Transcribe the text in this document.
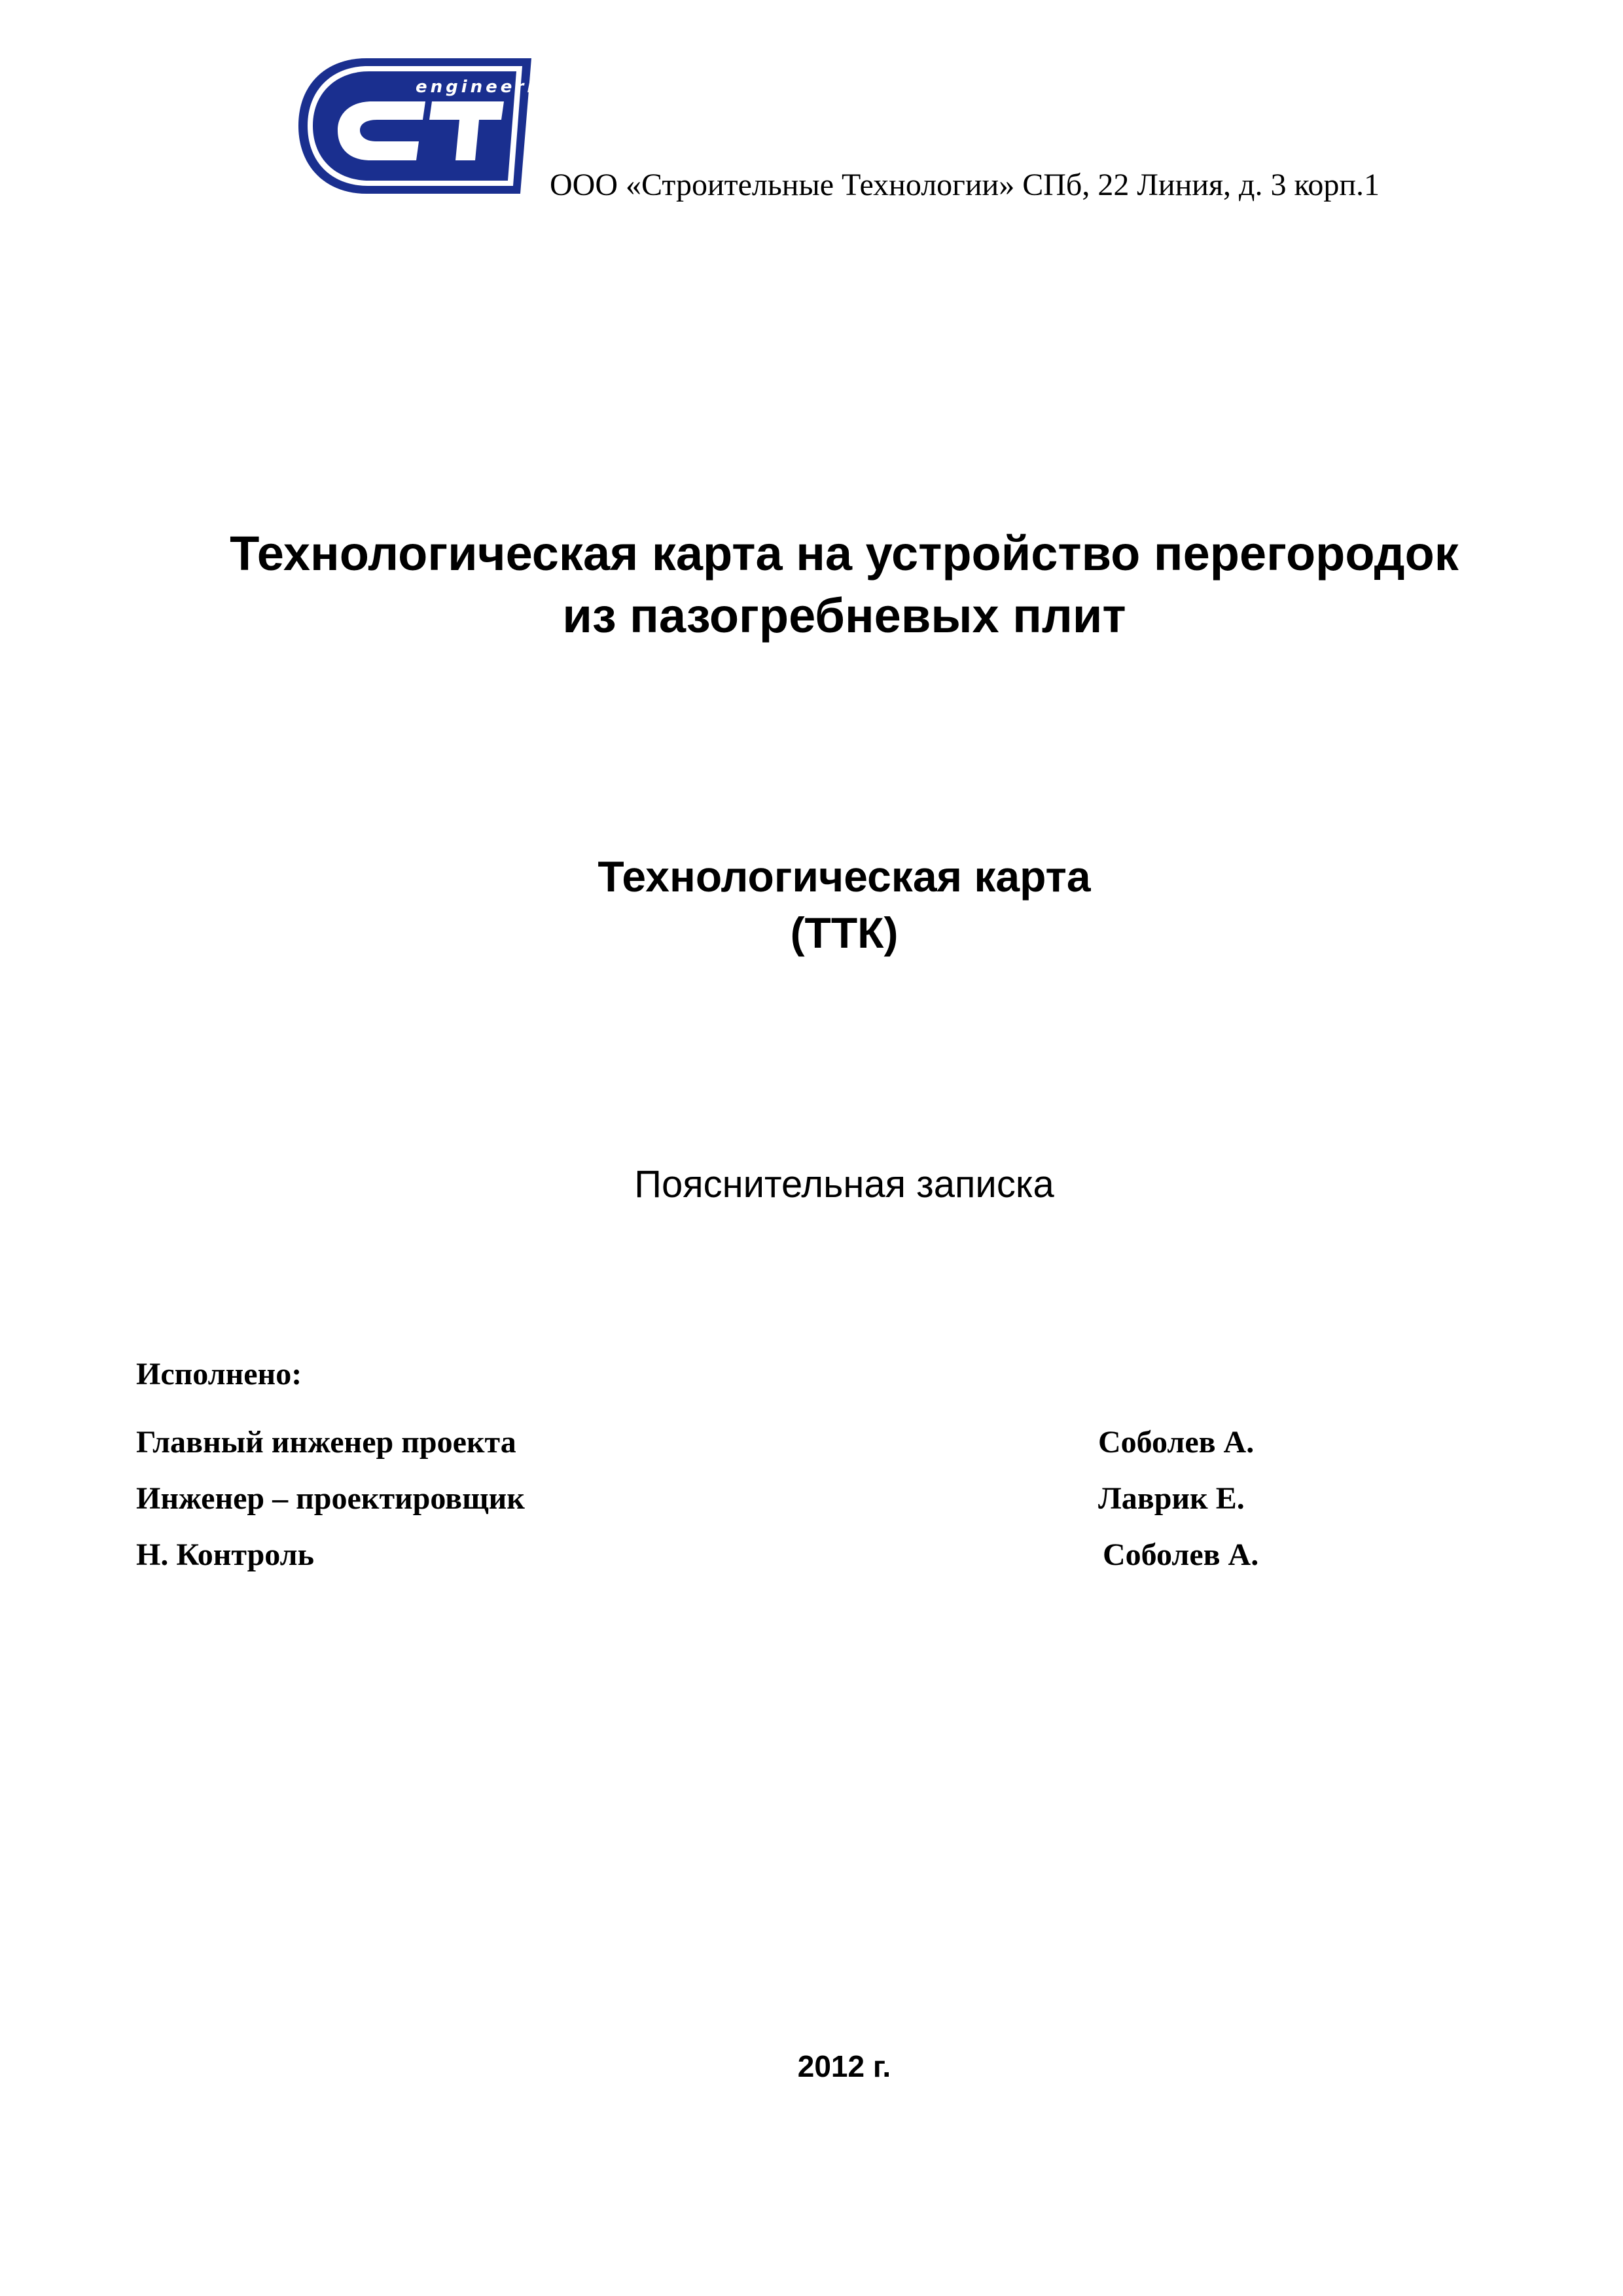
engineering
ООО «Строительные Технологии» СПб, 22 Линия, д. 3 корп.1
Технологическая карта на устройство перегородок
из пазогребневых плит
Технологическая карта
(ТТК)
Пояснительная записка
Исполнено:
Главный инженер проекта	Соболев А.
Инженер – проектировщик	Лаврик Е.
Н. Контроль	Соболев А.
2012 г.
